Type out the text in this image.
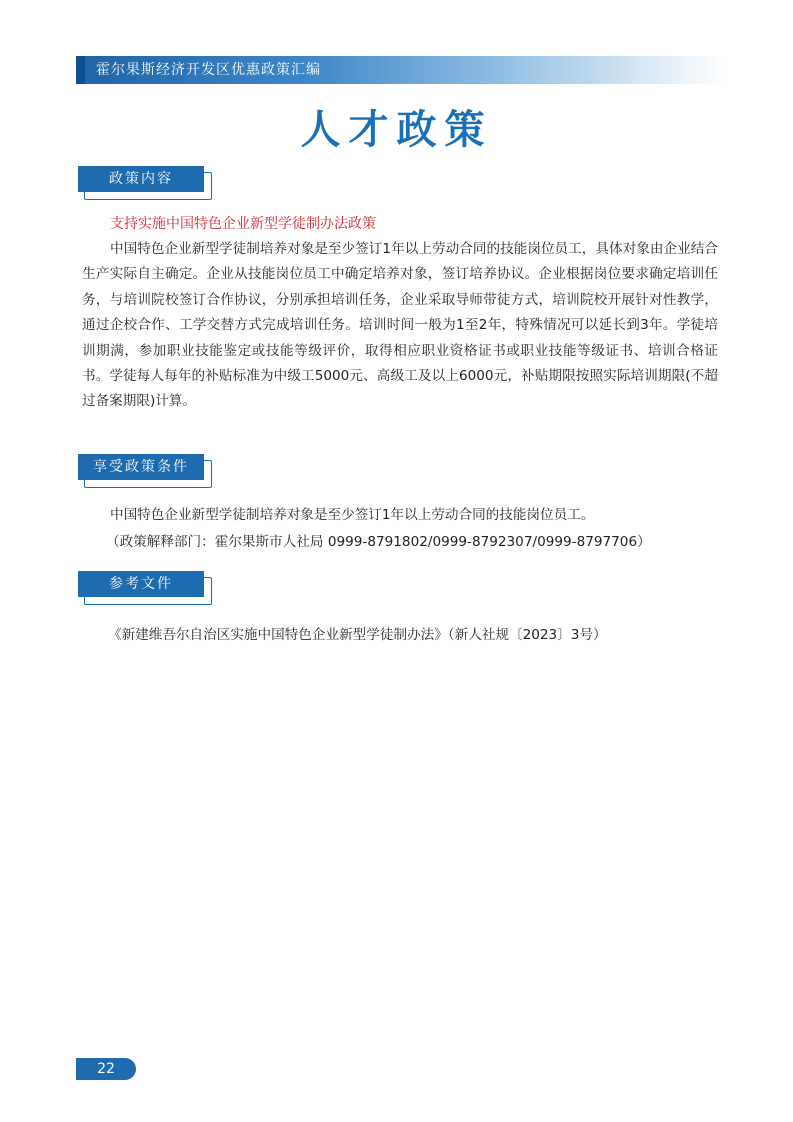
霍尔果斯经济开发区优惠政策汇编
人才政策
政策内容
支持实施中国特色企业新型学徒制办法政策
中国特色企业新型学徒制培养对象是至少签订1年以上劳动合同的技能岗位员工，具体对象由企业结合生产实际自主确定。企业从技能岗位员工中确定培养对象，签订培养协议。企业根据岗位要求确定培训任务，与培训院校签订合作协议，分别承担培训任务，企业采取导师带徒方式，培训院校开展针对性教学，通过企校合作、工学交替方式完成培训任务。培训时间一般为1至2年，特殊情况可以延长到3年。学徒培训期满，参加职业技能鉴定或技能等级评价，取得相应职业资格证书或职业技能等级证书、培训合格证书。学徒每人每年的补贴标准为中级工5000元、高级工及以上6000元，补贴期限按照实际培训期限(不超过备案期限)计算。
享受政策条件
中国特色企业新型学徒制培养对象是至少签订1年以上劳动合同的技能岗位员工。
（政策解释部门：霍尔果斯市人社局 0999-8791802/0999-8792307/0999-8797706）
参考文件
《新建维吾尔自治区实施中国特色企业新型学徒制办法》（新人社规〔2023〕3号）
22
